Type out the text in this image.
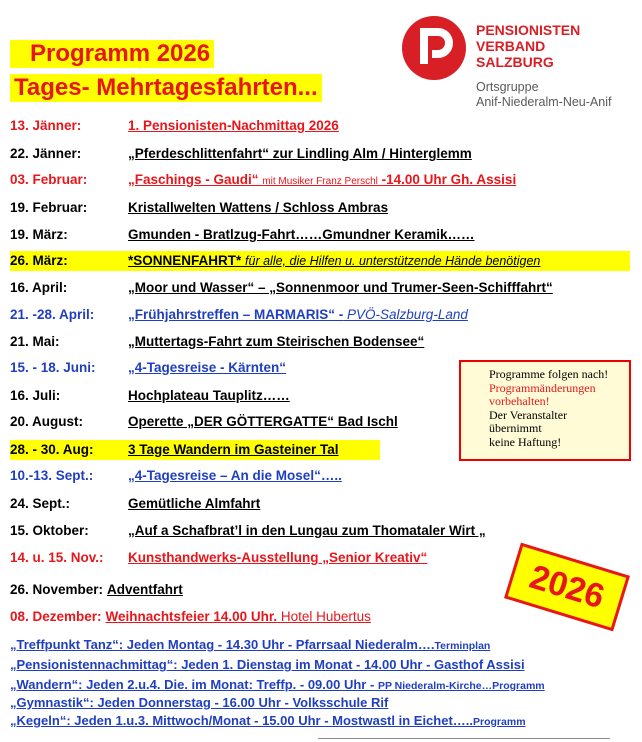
Programm 2026
Tages- Mehrtagesfahrten...
PENSIONISTEN
VERBAND
SALZBURG
Ortsgruppe
Anif-Niederalm-Neu-Anif
13. Jänner:	1. Pensionisten-Nachmittag 2026
22. Jänner:	„Pferdeschlittenfahrt“ zur Lindling Alm / Hinterglemm
03. Februar:	„Faschings - Gaudi“ mit Musiker Franz Perschl -14.00 Uhr Gh. Assisi
19. Februar:	Kristallwelten Wattens / Schloss Ambras
19. März:	Gmunden - Bratlzug-Fahrt……Gmundner Keramik……
26. März:	*SONNENFAHRT* für alle, die Hilfen u. unterstützende Hände benötigen
16. April:	„Moor und Wasser“ – „Sonnenmoor und Trumer-Seen-Schifffahrt“
21. -28. April: „Frühjahrstreffen – MARMARIS“ - PVÖ-Salzburg-Land
21. Mai:	„Muttertags-Fahrt zum Steirischen Bodensee“
15. - 18. Juni: „4-Tagesreise - Kärnten“
16. Juli:	Hochplateau Tauplitz……
20. August:	Operette „DER GÖTTERGATTE“ Bad Ischl
28. - 30. Aug:	3 Tage Wandern im Gasteiner Tal
10.-13. Sept.:	„4-Tagesreise – An die Mosel“…..
24. Sept.:	Gemütliche Almfahrt
15. Oktober:	„Auf a Schafbrat’l in den Lungau zum Thomataler Wirt „
14. u. 15. Nov.: Kunsthandwerks-Ausstellung „Senior Kreativ“
26. November: Adventfahrt
08. Dezember: Weihnachtsfeier 14.00 Uhr. Hotel Hubertus
Programme folgen nach!
Programmänderungen
vorbehalten!
Der Veranstalter
übernimmt
keine Haftung!
2026
„Treffpunkt Tanz“: Jeden Montag - 14.30 Uhr - Pfarrsaal Niederalm….Terminplan
„Pensionistennachmittag“: Jeden 1. Dienstag im Monat - 14.00 Uhr - Gasthof Assisi
„Wandern“: Jeden 2.u.4. Die. im Monat: Treffp. - 09.00 Uhr - PP Niederalm-Kirche…Programm
„Gymnastik“: Jeden Donnerstag - 16.00 Uhr - Volksschule Rif
„Kegeln“: Jeden 1.u.3. Mittwoch/Monat - 15.00 Uhr - Mostwastl in Eichet…..Programm
